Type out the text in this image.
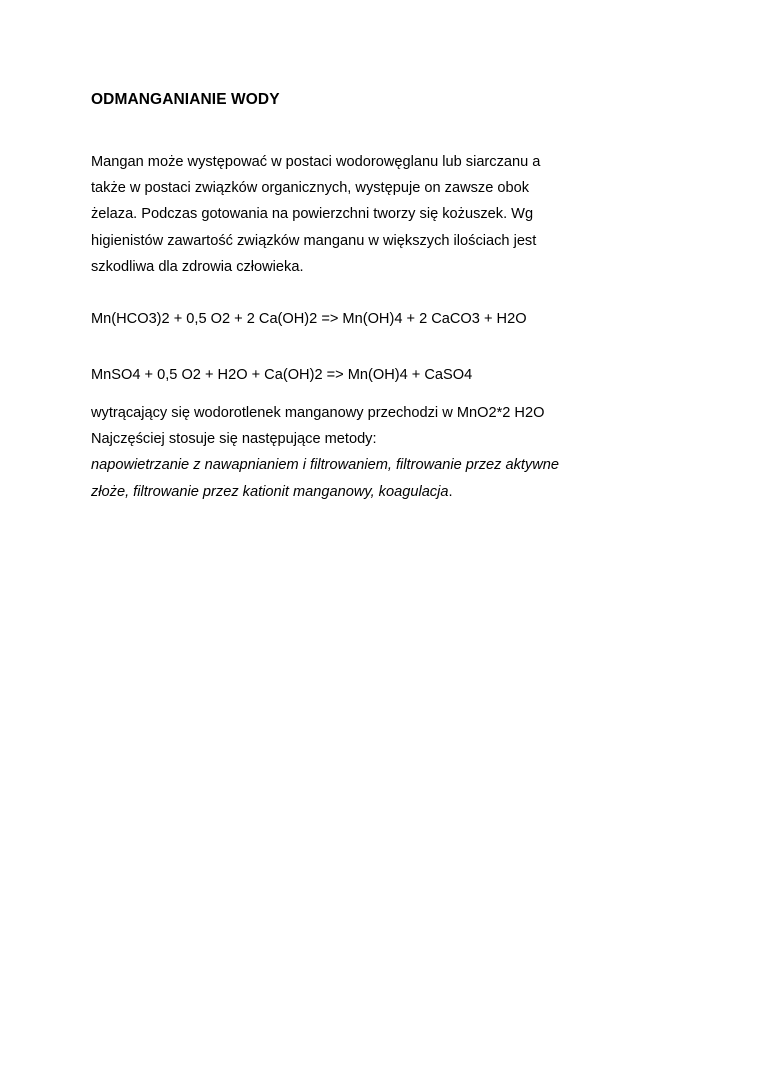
ODMANGANIANIE WODY
Mangan może występować w postaci wodorowęglanu lub siarczanu a
także w postaci związków organicznych, występuje on zawsze obok
żelaza. Podczas gotowania na powierzchni tworzy się kożuszek. Wg
higienistów zawartość związków manganu w większych ilościach jest
szkodliwa dla zdrowia człowieka.
Mn(HCO3)2 + 0,5 O2 + 2 Ca(OH)2 => Mn(OH)4 + 2 CaCO3 + H2O
MnSO4 + 0,5 O2 + H2O + Ca(OH)2 => Mn(OH)4 + CaSO4
wytrącający się wodorotlenek manganowy przechodzi w MnO2*2 H2O
Najczęściej stosuje się następujące metody:
napowietrzanie z nawapnianiem i filtrowaniem, filtrowanie przez aktywne
złoże, filtrowanie przez kationit manganowy, koagulacja.
